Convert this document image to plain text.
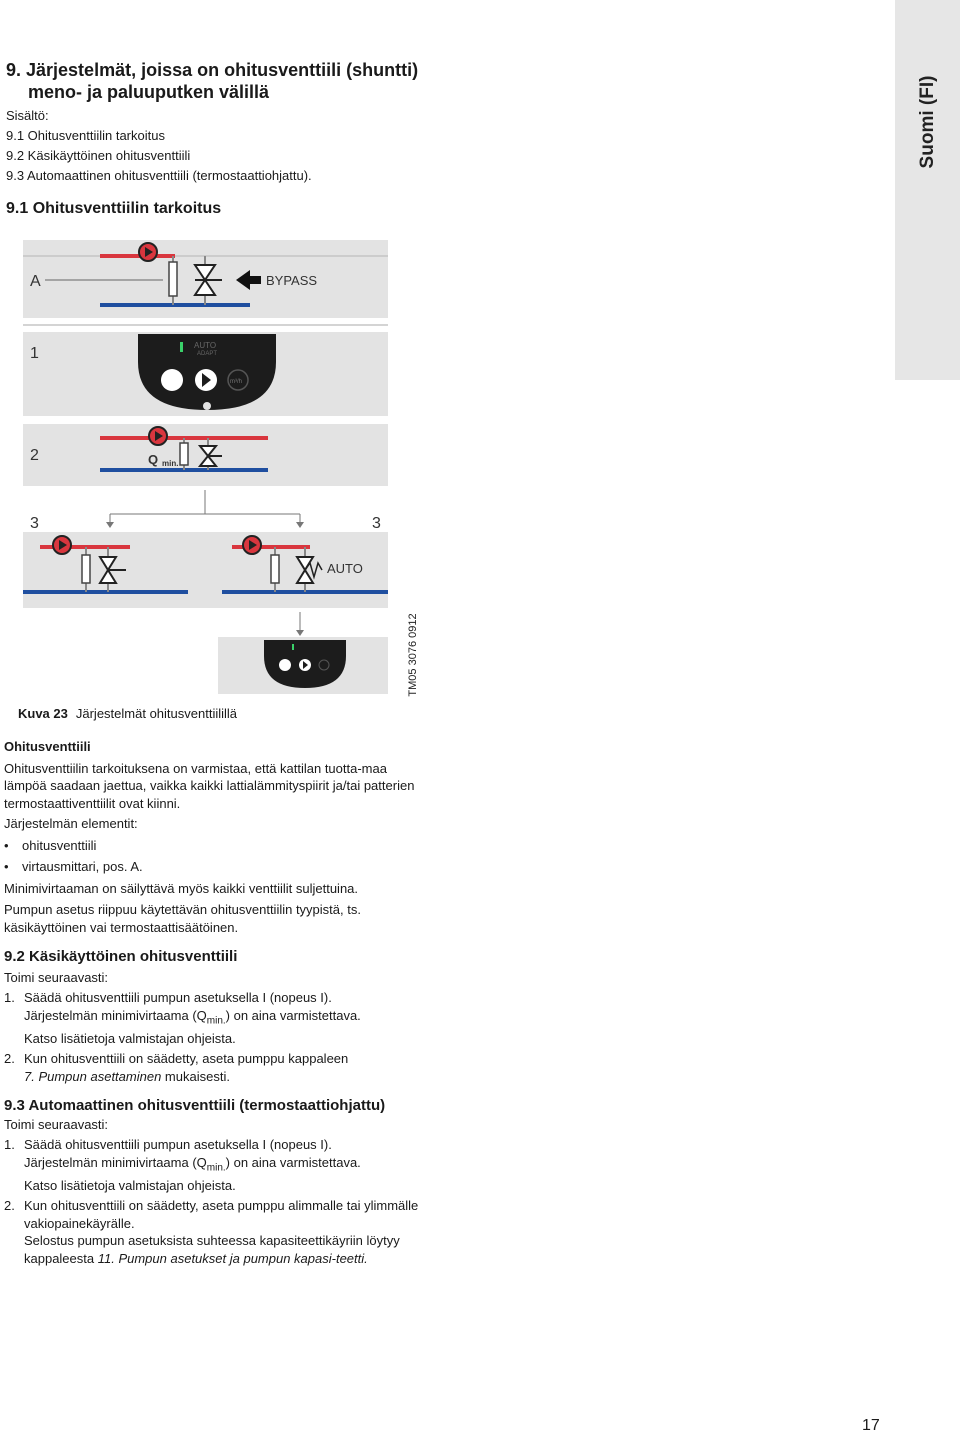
Suomi (FI)
9. Järjestelmät, joissa on ohitusventtiili (shuntti)
meno- ja paluuputken välillä
Sisältö:
9.1 Ohitusventtiilin tarkoitus
9.2 Käsikäyttöinen ohitusventtiili
9.3 Automaattinen ohitusventtiili (termostaattiohjattu).
9.1 Ohitusventtiilin tarkoitus
A	BYPASS
1	AUTO
ADAPT
m³/h
2	Q min.
3	3
AUTO
TM05 3076 0912
Kuva 23 Järjestelmät ohitusventtiilillä

Ohitusventtiili

Ohitusventtiilin tarkoituksena on varmistaa, että kattilan tuotta-maa lämpöä saadaan jaettua, vaikka kaikki lattialämmityspiirit ja/tai patterien termostaattiventtiilit ovat kiinni.

Järjestelmän elementit:

• ohitusventtiili

• virtausmittari, pos. A.

Minimivirtaaman on säilyttävä myös kaikki venttiilit suljettuina.

Pumpun asetus riippuu käytettävän ohitusventtiilin tyypistä, ts. käsikäyttöinen vai termostaattisäätöinen.

9.2 Käsikäyttöinen ohitusventtiili

Toimi seuraavasti:

1. Säädä ohitusventtiili pumpun asetuksella I (nopeus I).
Järjestelmän minimivirtaama $(Q_{min.})$ on aina varmistettava.
Katso lisätietoja valmistajan ohjeista.
2. Kun ohitusventtiili on säädetty, aseta pumppu kappaleen
7. Pumpun asettaminen mukaisesti.

9.3 Automaattinen ohitusventtiili (termostaattiohjattu)

Toimi seuraavasti:

1. Säädä ohitusventtiili pumpun asetuksella I (nopeus I).
Järjestelmän minimivirtaama $(Q_{min.})$ on aina varmistettava.
Katso lisätietoja valmistajan ohjeista.
2. Kun ohitusventtiili on säädetty, aseta pumppu alimmalle tai ylimmälle vakiopainekäyrälle.
Selostus pumpun asetuksista suhteessa kapasiteettikäyriin löytyy kappaleesta 11. Pumpun asetukset ja pumpun kapasi-teetti.
17
